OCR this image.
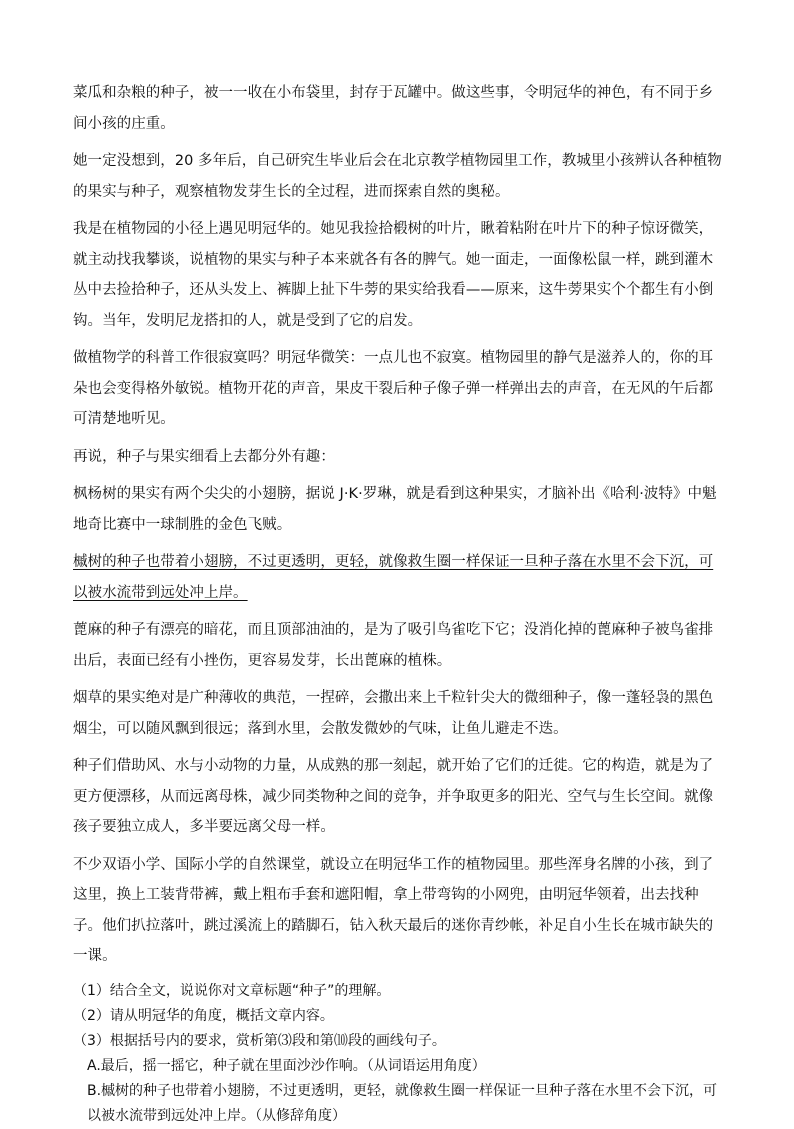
菜瓜和杂粮的种子，被一一收在小布袋里，封存于瓦罐中。做这些事，令明冠华的神色，有不同于乡间小孩的庄重。

她一定没想到，20 多年后，自己研究生毕业后会在北京教学植物园里工作，教城里小孩辨认各种植物的果实与种子，观察植物发芽生长的全过程，进而探索自然的奥秘。

我是在植物园的小径上遇见明冠华的。她见我捡拾椴树的叶片，瞅着粘附在叶片下的种子惊讶微笑，就主动找我攀谈，说植物的果实与种子本来就各有各的脾气。她一面走，一面像松鼠一样，跳到灌木丛中去捡拾种子，还从头发上、裤脚上扯下牛蒡的果实给我看——原来，这牛蒡果实个个都生有小倒钩。当年，发明尼龙搭扣的人，就是受到了它的启发。

做植物学的科普工作很寂寞吗？明冠华微笑：一点儿也不寂寞。植物园里的静气是滋养人的，你的耳朵也会变得格外敏锐。植物开花的声音，果皮干裂后种子像子弹一样弹出去的声音，在无风的午后都可清楚地听见。

再说，种子与果实细看上去都分外有趣：

枫杨树的果实有两个尖尖的小翅膀，据说 J·K·罗琳，就是看到这种果实，才脑补出《哈利·波特》中魁地奇比赛中一球制胜的金色飞贼。

槭树的种子也带着小翅膀，不过更透明，更轻，就像救生圈一样保证一旦种子落在水里不会下沉，可以被水流带到远处冲上岸。

蓖麻的种子有漂亮的暗花，而且顶部油油的，是为了吸引鸟雀吃下它；没消化掉的蓖麻种子被鸟雀排出后，表面已经有小挫伤，更容易发芽，长出蓖麻的植株。

烟草的果实绝对是广种薄收的典范，一捏碎，会撒出来上千粒针尖大的微细种子，像一蓬轻袅的黑色烟尘，可以随风飘到很远；落到水里，会散发微妙的气味，让鱼儿避走不迭。

种子们借助风、水与小动物的力量，从成熟的那一刻起，就开始了它们的迁徙。它的构造，就是为了更方便漂移，从而远离母株，减少同类物种之间的竞争，并争取更多的阳光、空气与生长空间。就像孩子要独立成人，多半要远离父母一样。

不少双语小学、国际小学的自然课堂，就设立在明冠华工作的植物园里。那些浑身名牌的小孩，到了这里，换上工装背带裤，戴上粗布手套和遮阳帽，拿上带弯钩的小网兜，由明冠华领着，出去找种子。他们扒拉落叶，跳过溪流上的踏脚石，钻入秋天最后的迷你青纱帐，补足自小生长在城市缺失的一课。

（1）结合全文，说说你对文章标题“种子”的理解。

（2）请从明冠华的角度，概括文章内容。

（3）根据括号内的要求，赏析第⑶段和第⑽段的画线句子。

A.最后，摇一摇它，种子就在里面沙沙作响。（从词语运用角度）

B.槭树的种子也带着小翅膀，不过更透明，更轻，就像救生圈一样保证一旦种子落在水里不会下沉，可

以被水流带到远处冲上岸。（从修辞角度）
